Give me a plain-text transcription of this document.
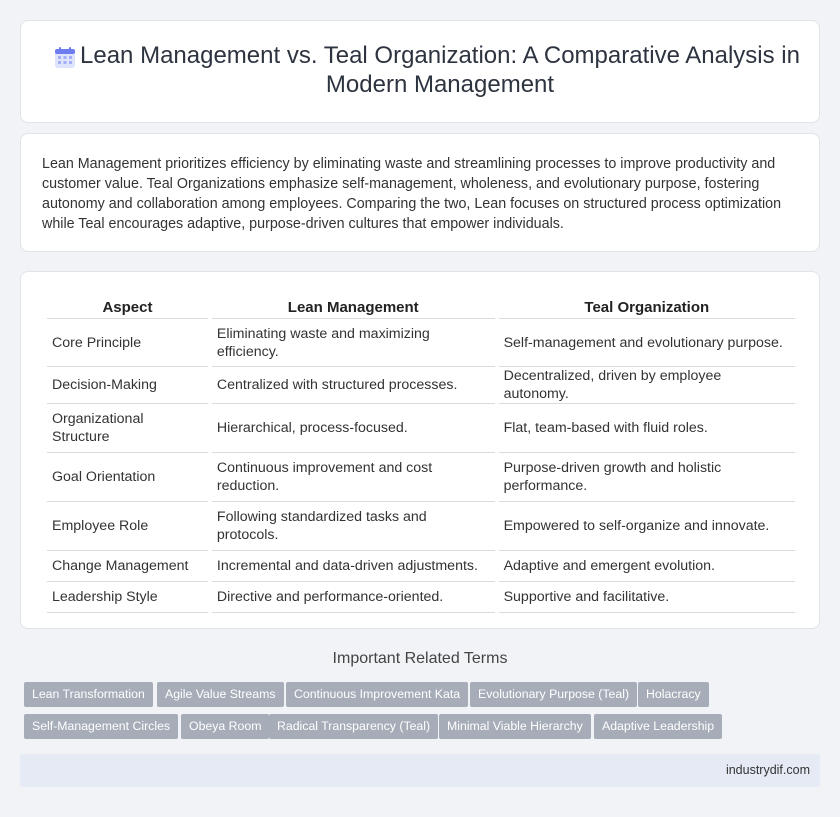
Lean Management vs. Teal Organization: A Comparative Analysis in Modern Management

Lean Management prioritizes efficiency by eliminating waste and streamlining processes to improve productivity and customer value. Teal Organizations emphasize self-management, wholeness, and evolutionary purpose, fostering autonomy and collaboration among employees. Comparing the two, Lean focuses on structured process optimization while Teal encourages adaptive, purpose-driven cultures that empower individuals.

Aspect	Lean Management	Teal Organization
Core Principle	Eliminating waste and maximizing efficiency.	Self-management and evolutionary purpose.
Decision-Making	Centralized with structured processes.	Decentralized, driven by employee autonomy.
Organizational Structure	Hierarchical, process-focused.	Flat, team-based with fluid roles.
Goal Orientation	Continuous improvement and cost reduction.	Purpose-driven growth and holistic performance.
Employee Role	Following standardized tasks and protocols.	Empowered to self-organize and innovate.
Change Management	Incremental and data-driven adjustments.	Adaptive and emergent evolution.
Leadership Style	Directive and performance-oriented.	Supportive and facilitative.
Important Related Terms
Lean Transformation	Agile Value Streams	Continuous Improvement Kata	Evolutionary Purpose (Teal)	Holacracy
Self-Management Circles	Obeya Room	Radical Transparency (Teal)	Minimal Viable Hierarchy	Adaptive Leadership
industrydif.com
